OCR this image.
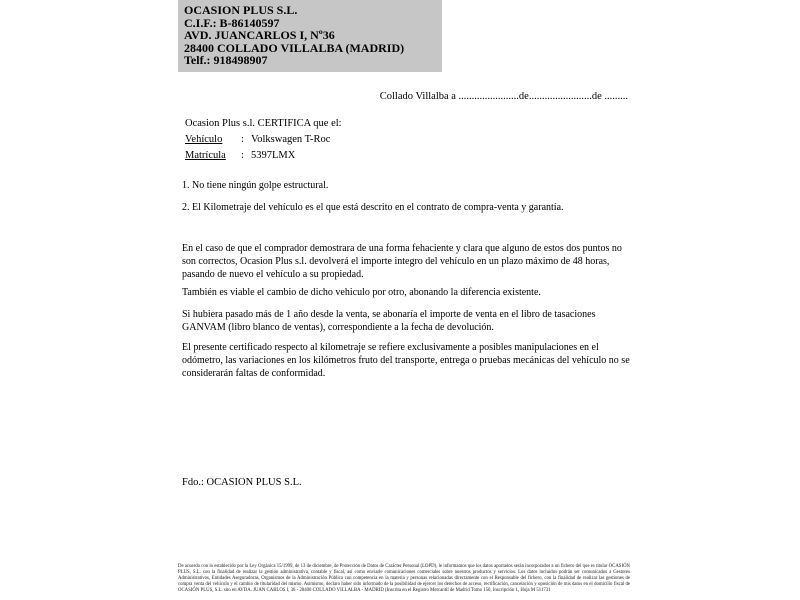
OCASION PLUS S.L.
C.I.F.: B-86140597
AVD. JUANCARLOS I, Nº36
28400 COLLADO VILLALBA (MADRID)
Telf.: 918498907
Collado Villalba a .......................de........................de .........
Ocasion Plus s.l. CERTIFICA que el:
Vehículo : Volkswagen T-Roc
Matrícula : 5397LMX

1. No tiene ningún golpe estructural.

2. El Kilometraje del vehículo es el que está descrito en el contrato de compra-venta y garantía.

En el caso de que el comprador demostrara de una forma fehaciente y clara que alguno de estos dos puntos no son correctos, Ocasion Plus s.l. devolverá el importe integro del vehículo en un plazo máximo de 48 horas, pasando de nuevo el vehículo a su propiedad.

También es viable el cambio de dicho vehiculo por otro, abonando la diferencia existente.

Si hubiera pasado más de 1 año desde la venta, se abonaría el importe de venta en el libro de tasaciones GANVAM (libro blanco de ventas), correspondiente a la fecha de devolución.

El presente certificado respecto al kilometraje se refiere exclusivamente a posibles manipulaciones en el odómetro, las variaciones en los kilómetros fruto del transporte, entrega o pruebas mecánicas del vehículo no se considerarán faltas de conformidad.

Fdo.: OCASION PLUS S.L.
De acuerdo con lo establecido por la Ley Orgánica 15/1999, de 13 de diciembre, de Protección de Datos de Carácter Personal (LOPD), le informamos que los datos aportados serán incorporados a un fichero del que es titular OCASIÓN PLUS, S.L. con la finalidad de realizar la gestión administrativa, contable y fiscal, así como enviarle comunicaciones comerciales sobre nuestros productos y servicios. Los datos incluidos podrán ser comunicados a Gestores Administrativos, Entidades Aseguradoras, Organismos de la Administración Pública con competencia en la materia y personas relacionadas directamente con el Responsable del fichero, con la finalidad de realizar las gestiones de compra venta del vehículo y el cambio de titularidad del mismo. Asimismo, declaro haber sido informado de la posibilidad de ejercer los derechos de acceso, rectificación, cancelación y oposición de mis datos en el domicilio fiscal de OCASIÓN PLUS, S.L. sito en AVDA. JUAN CARLOS I, 36 - 28400 COLLADO VILLALBA - MADRID (Inscrita en el Registro Mercantil de Madrid Tomo 150, Inscripción 1, Hoja M 511731
